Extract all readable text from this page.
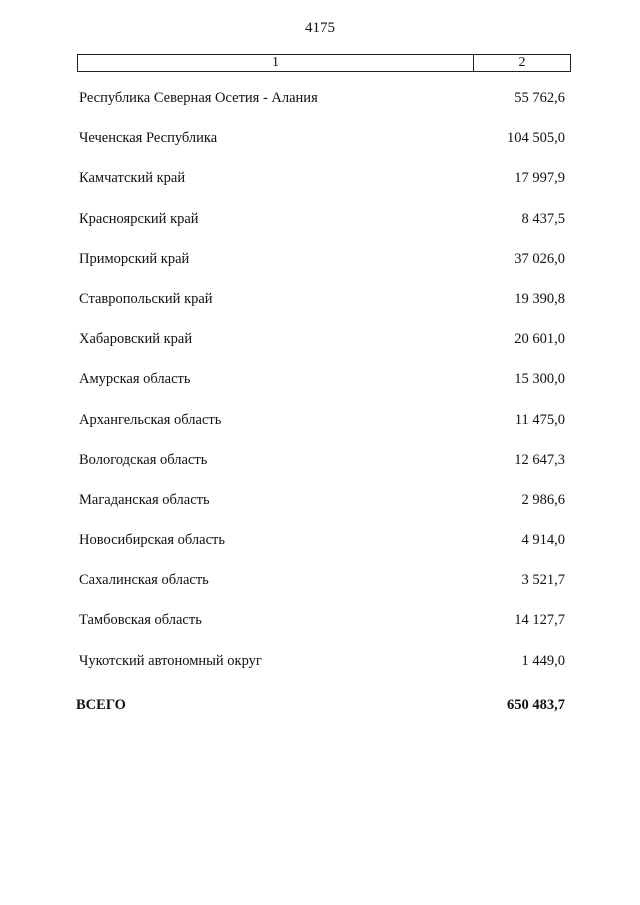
4175
1	2
Республика Северная Осетия - Алания	55 762,6
Чеченская Республика	104 505,0
Камчатский край	17 997,9
Красноярский край	8 437,5
Приморский край	37 026,0
Ставропольский край	19 390,8
Хабаровский край	20 601,0
Амурская область	15 300,0
Архангельская область	11 475,0
Вологодская область	12 647,3
Магаданская область	2 986,6
Новосибирская область	4 914,0
Сахалинская область	3 521,7
Тамбовская область	14 127,7
Чукотский автономный округ	1 449,0
ВСЕГО	650 483,7
